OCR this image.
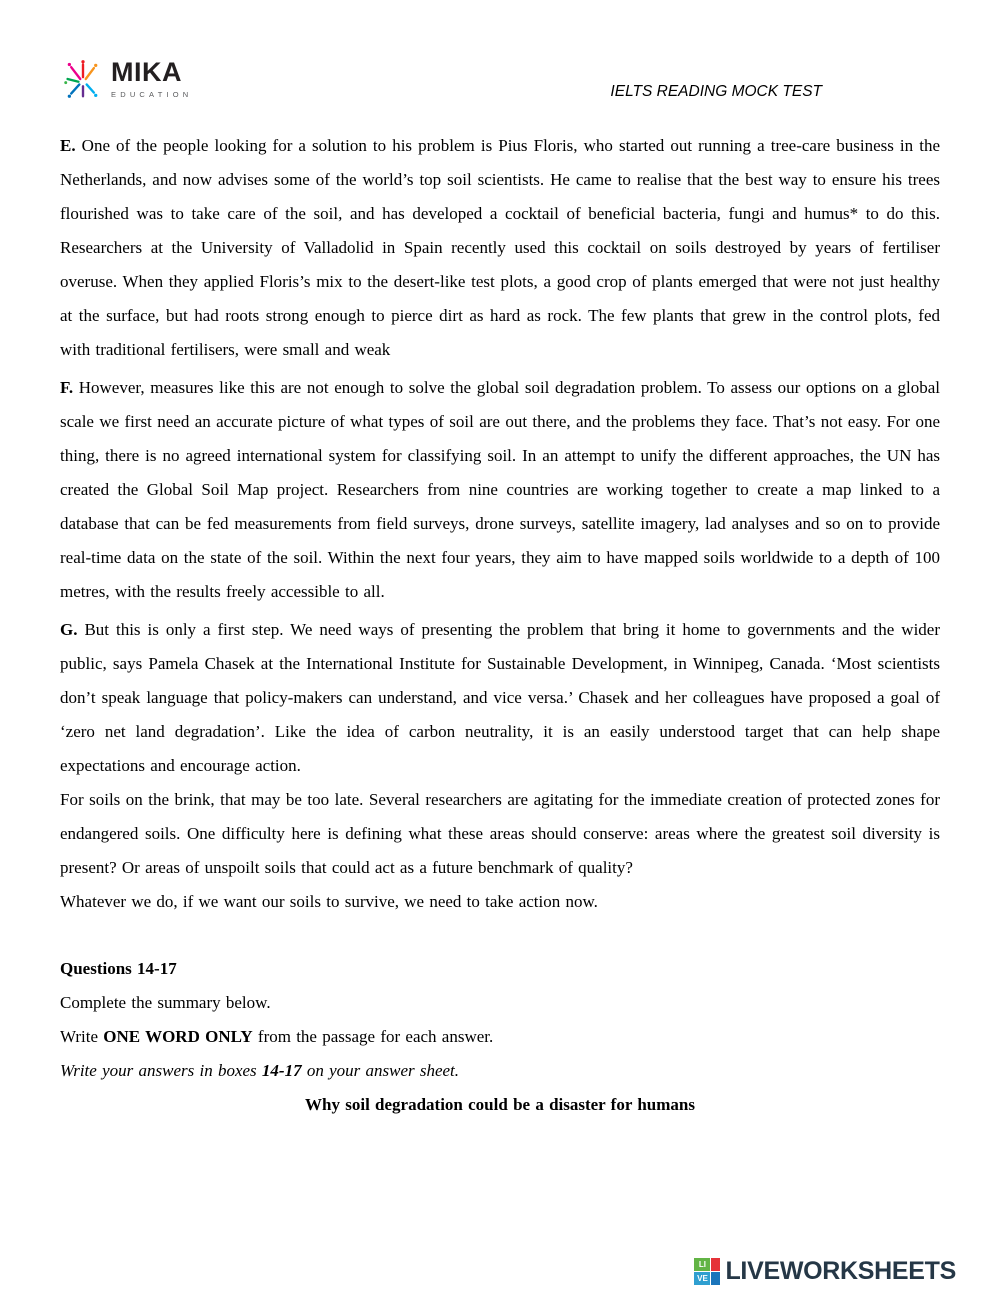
MIKA
EDUCATION	IELTS READING MOCK TEST

E. One of the people looking for a solution to his problem is Pius Floris, who started out running a tree-care business in the Netherlands, and now advises some of the world’s top soil scientists. He came to realise that the best way to ensure his trees flourished was to take care of the soil, and has developed a cocktail of beneficial bacteria, fungi and humus* to do this. Researchers at the University of Valladolid in Spain recently used this cocktail on soils destroyed by years of fertiliser overuse. When they applied Floris’s mix to the desert-like test plots, a good crop of plants emerged that were not just healthy at the surface, but had roots strong enough to pierce dirt as hard as rock. The few plants that grew in the control plots, fed with traditional fertilisers, were small and weak

F. However, measures like this are not enough to solve the global soil degradation problem. To assess our options on a global scale we first need an accurate picture of what types of soil are out there, and the problems they face. That’s not easy. For one thing, there is no agreed international system for classifying soil. In an attempt to unify the different approaches, the UN has created the Global Soil Map project. Researchers from nine countries are working together to create a map linked to a database that can be fed measurements from field surveys, drone surveys, satellite imagery, lad analyses and so on to provide real-time data on the state of the soil. Within the next four years, they aim to have mapped soils worldwide to a depth of 100 metres, with the results freely accessible to all.

G. But this is only a first step. We need ways of presenting the problem that bring it home to governments and the wider public, says Pamela Chasek at the International Institute for Sustainable Development, in Winnipeg, Canada. ‘Most scientists don’t speak language that policy-makers can understand, and vice versa.’ Chasek and her colleagues have proposed a goal of ‘zero net land degradation’. Like the idea of carbon neutrality, it is an easily understood target that can help shape expectations and encourage action.

For soils on the brink, that may be too late. Several researchers are agitating for the immediate creation of protected zones for endangered soils. One difficulty here is defining what these areas should conserve: areas where the greatest soil diversity is present? Or areas of unspoilt soils that could act as a future benchmark of quality?

Whatever we do, if we want our soils to survive, we need to take action now.

Questions 14-17

Complete the summary below.

Write ONE WORD ONLY from the passage for each answer.

Write your answers in boxes 14-17 on your answer sheet.

Why soil degradation could be a disaster for humans

LI
VE LIVEWORKSHEETS
